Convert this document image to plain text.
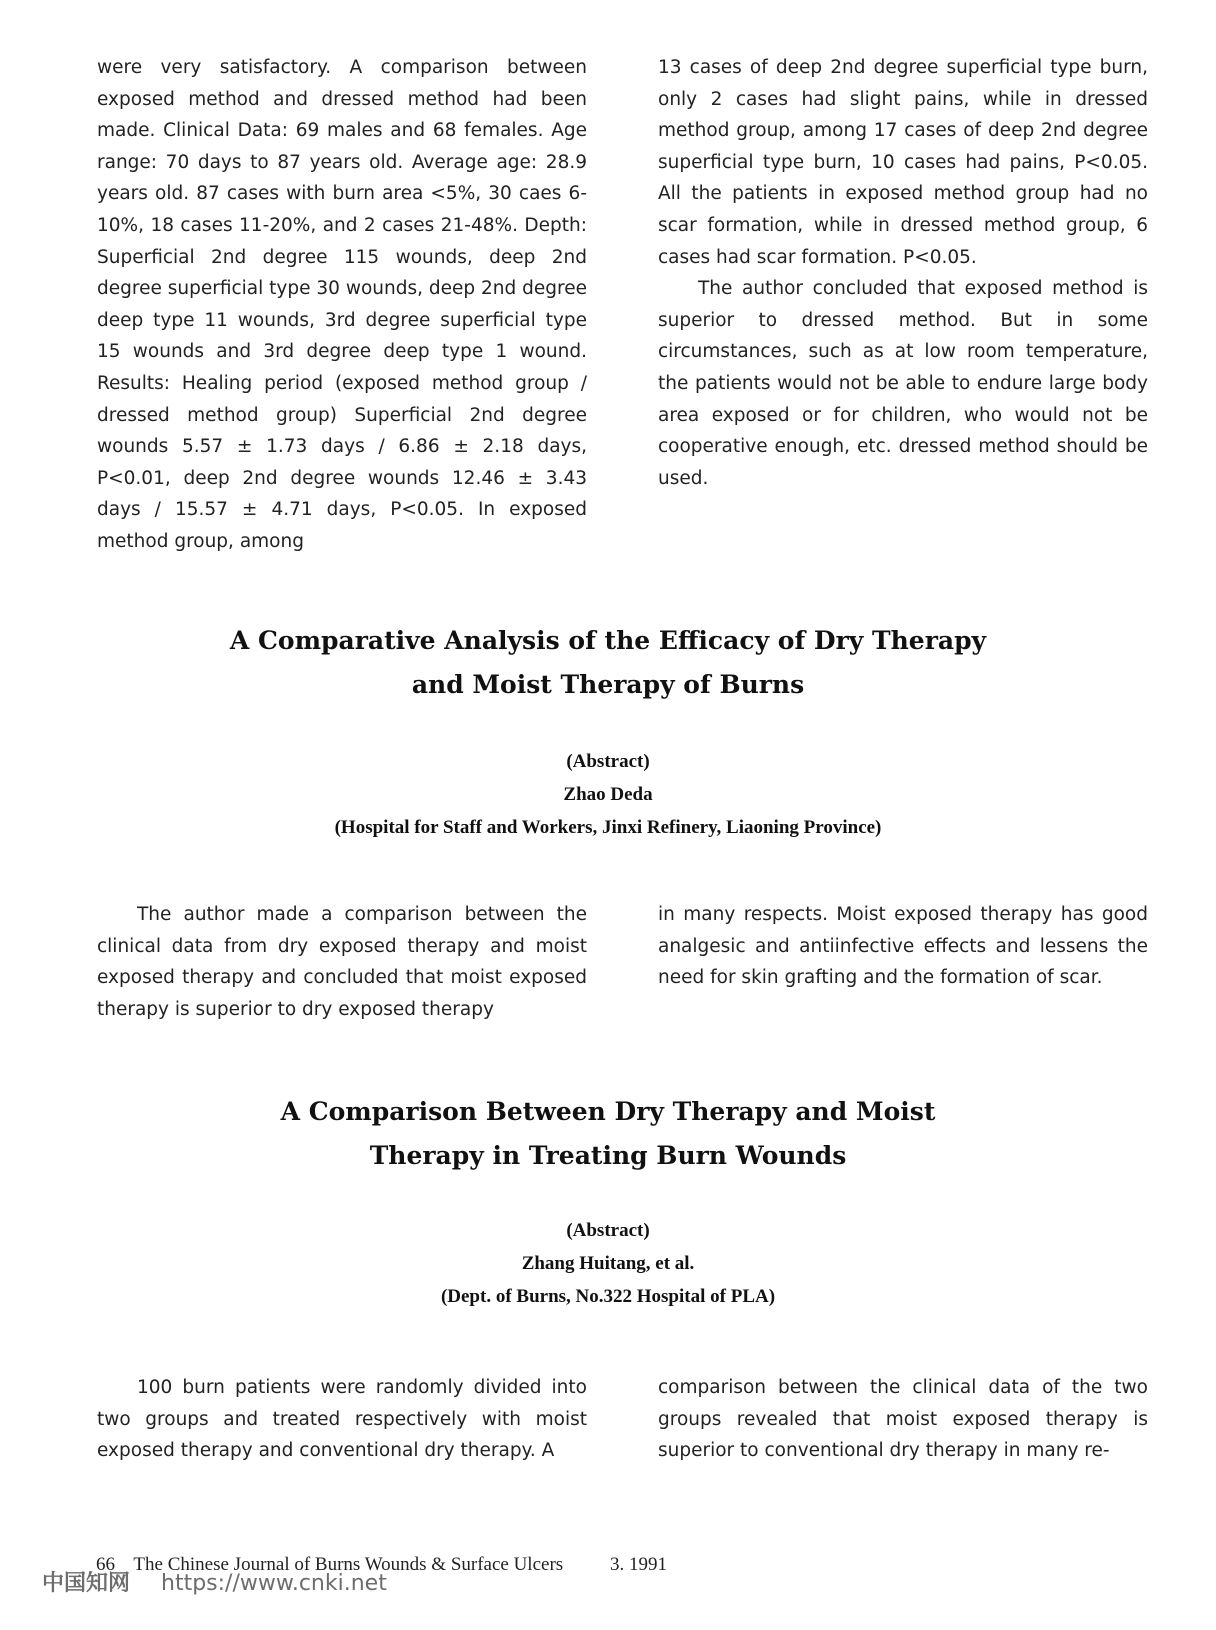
were very satisfactory. A comparison between exposed method and dressed method had been made. Clinical Data: 69 males and 68 females. Age range: 70 days to 87 years old. Average age: 28.9 years old. 87 cases with burn area <5%, 30 caes 6-10%, 18 cases 11-20%, and 2 cases 21-48%. Depth: Superficial 2nd degree 115 wounds, deep 2nd degree superficial type 30 wounds, deep 2nd degree deep type 11 wounds, 3rd degree superficial type 15 wounds and 3rd degree deep type 1 wound. Results: Healing period (exposed method group / dressed method group) Superficial 2nd degree wounds 5.57 ± 1.73 days / 6.86 ± 2.18 days, P<0.01, deep 2nd degree wounds 12.46 ± 3.43 days / 15.57 ± 4.71 days, P<0.05. In exposed method group, among

13 cases of deep 2nd degree superficial type burn, only 2 cases had slight pains, while in dressed method group, among 17 cases of deep 2nd degree superficial type burn, 10 cases had pains, P<0.05. All the patients in exposed method group had no scar formation, while in dressed method group, 6 cases had scar formation. P<0.05.

The author concluded that exposed method is superior to dressed method. But in some circumstances, such as at low room temperature, the patients would not be able to endure large body area exposed or for children, who would not be cooperative enough, etc. dressed method should be used.

A Comparative Analysis of the Efficacy of Dry Therapy
and Moist Therapy of Burns
(Abstract)
Zhao Deda
(Hospital for Staff and Workers, Jinxi Refinery, Liaoning Province)

The author made a comparison between the clinical data from dry exposed therapy and moist exposed therapy and concluded that moist exposed therapy is superior to dry exposed therapy

in many respects. Moist exposed therapy has good analgesic and antiinfective effects and lessens the need for skin grafting and the formation of scar.

A Comparison Between Dry Therapy and Moist
Therapy in Treating Burn Wounds
(Abstract)
Zhang Huitang, et al.
(Dept. of Burns, No.322 Hospital of PLA)

100 burn patients were randomly divided into two groups and treated respectively with moist exposed therapy and conventional dry therapy. A

comparison between the clinical data of the two groups revealed that moist exposed therapy is superior to conventional dry therapy in many re-

66 The Chinese Journal of Burns Wounds & Surface Ulcers 3. 1991
中国知网 https://www.cnki.net
